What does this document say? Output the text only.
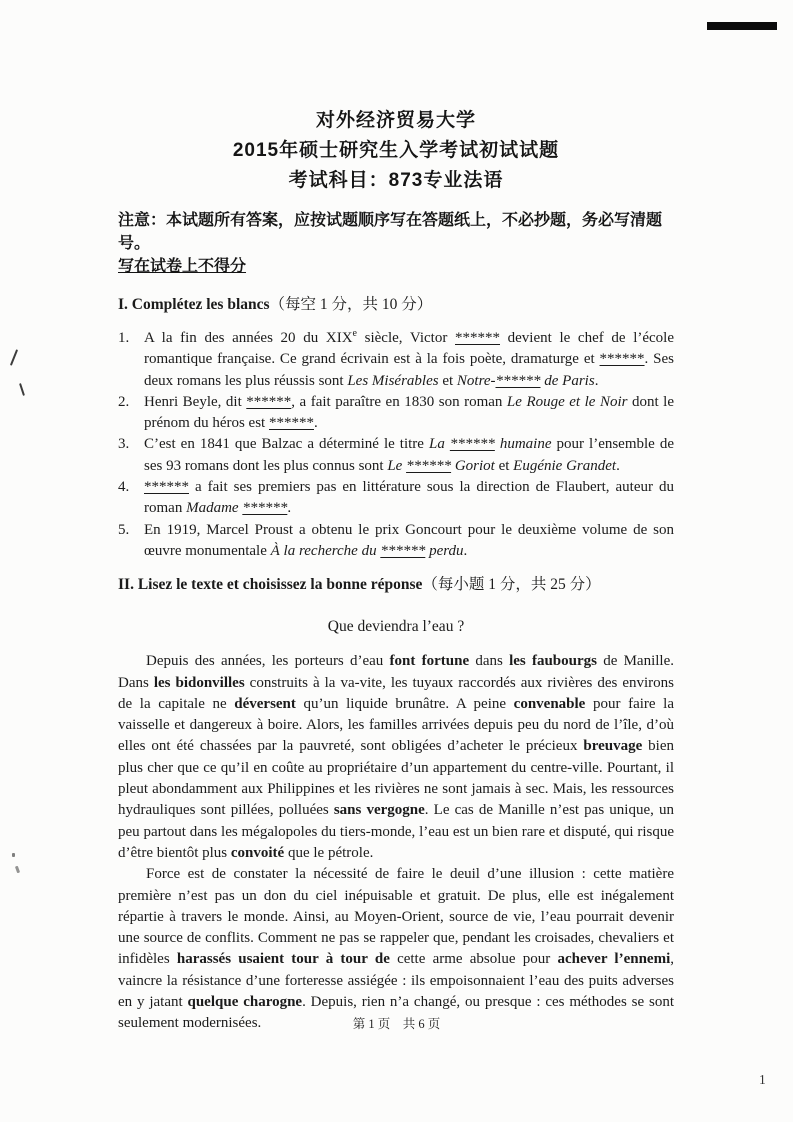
对外经济贸易大学
2015年硕士研究生入学考试初试试题
考试科目：873专业法语
注意：本试题所有答案，应按试题顺序写在答题纸上，不必抄题，务必写清题号。
写在试卷上不得分
I. Complétez les blancs（每空 1 分，共 10 分）
1. A la fin des années 20 du XIXe siècle, Victor ****** devient le chef de l’école romantique française. Ce grand écrivain est à la fois poète, dramaturge et ******. Ses deux romans les plus réussis sont Les Misérables et Notre-****** de Paris.
2. Henri Beyle, dit ******, a fait paraître en 1830 son roman Le Rouge et le Noir dont le prénom du héros est ******.
3. C’est en 1841 que Balzac a déterminé le titre La ****** humaine pour l’ensemble de ses 93 romans dont les plus connus sont Le ****** Goriot et Eugénie Grandet.
4. ****** a fait ses premiers pas en littérature sous la direction de Flaubert, auteur du roman Madame ******.
5. En 1919, Marcel Proust a obtenu le prix Goncourt pour le deuxième volume de son œuvre monumentale À la recherche du ****** perdu.
II. Lisez le texte et choisissez la bonne réponse（每小题 1 分，共 25 分）
Que deviendra l’eau ?

Depuis des années, les porteurs d’eau font fortune dans les faubourgs de Manille. Dans les bidonvilles construits à la va-vite, les tuyaux raccordés aux rivières des environs de la capitale ne déversent qu’un liquide brunâtre. A peine convenable pour faire la vaisselle et dangereux à boire. Alors, les familles arrivées depuis peu du nord de l’île, d’où elles ont été chassées par la pauvreté, sont obligées d’acheter le précieux breuvage bien plus cher que ce qu’il en coûte au propriétaire d’un appartement du centre-ville. Pourtant, il pleut abondamment aux Philippines et les rivières ne sont jamais à sec. Mais, les ressources hydrauliques sont pillées, polluées sans vergogne. Le cas de Manille n’est pas unique, un peu partout dans les mégalopoles du tiers-monde, l’eau est un bien rare et disputé, qui risque d’être bientôt plus convoité que le pétrole.

Force est de constater la nécessité de faire le deuil d’une illusion : cette matière première n’est pas un don du ciel inépuisable et gratuit. De plus, elle est inégalement répartie à travers le monde. Ainsi, au Moyen-Orient, source de vie, l’eau pourrait devenir une source de conflits. Comment ne pas se rappeler que, pendant les croisades, chevaliers et infidèles harassés usaient tour à tour de cette arme absolue pour achever l’ennemi, vaincre la résistance d’une forteresse assiégée : ils empoisonnaient l’eau des puits adverses en y jatant quelque charogne. Depuis, rien n’a changé, ou presque : ces méthodes se sont seulement modernisées.	第 1 页　共 6 页
1
